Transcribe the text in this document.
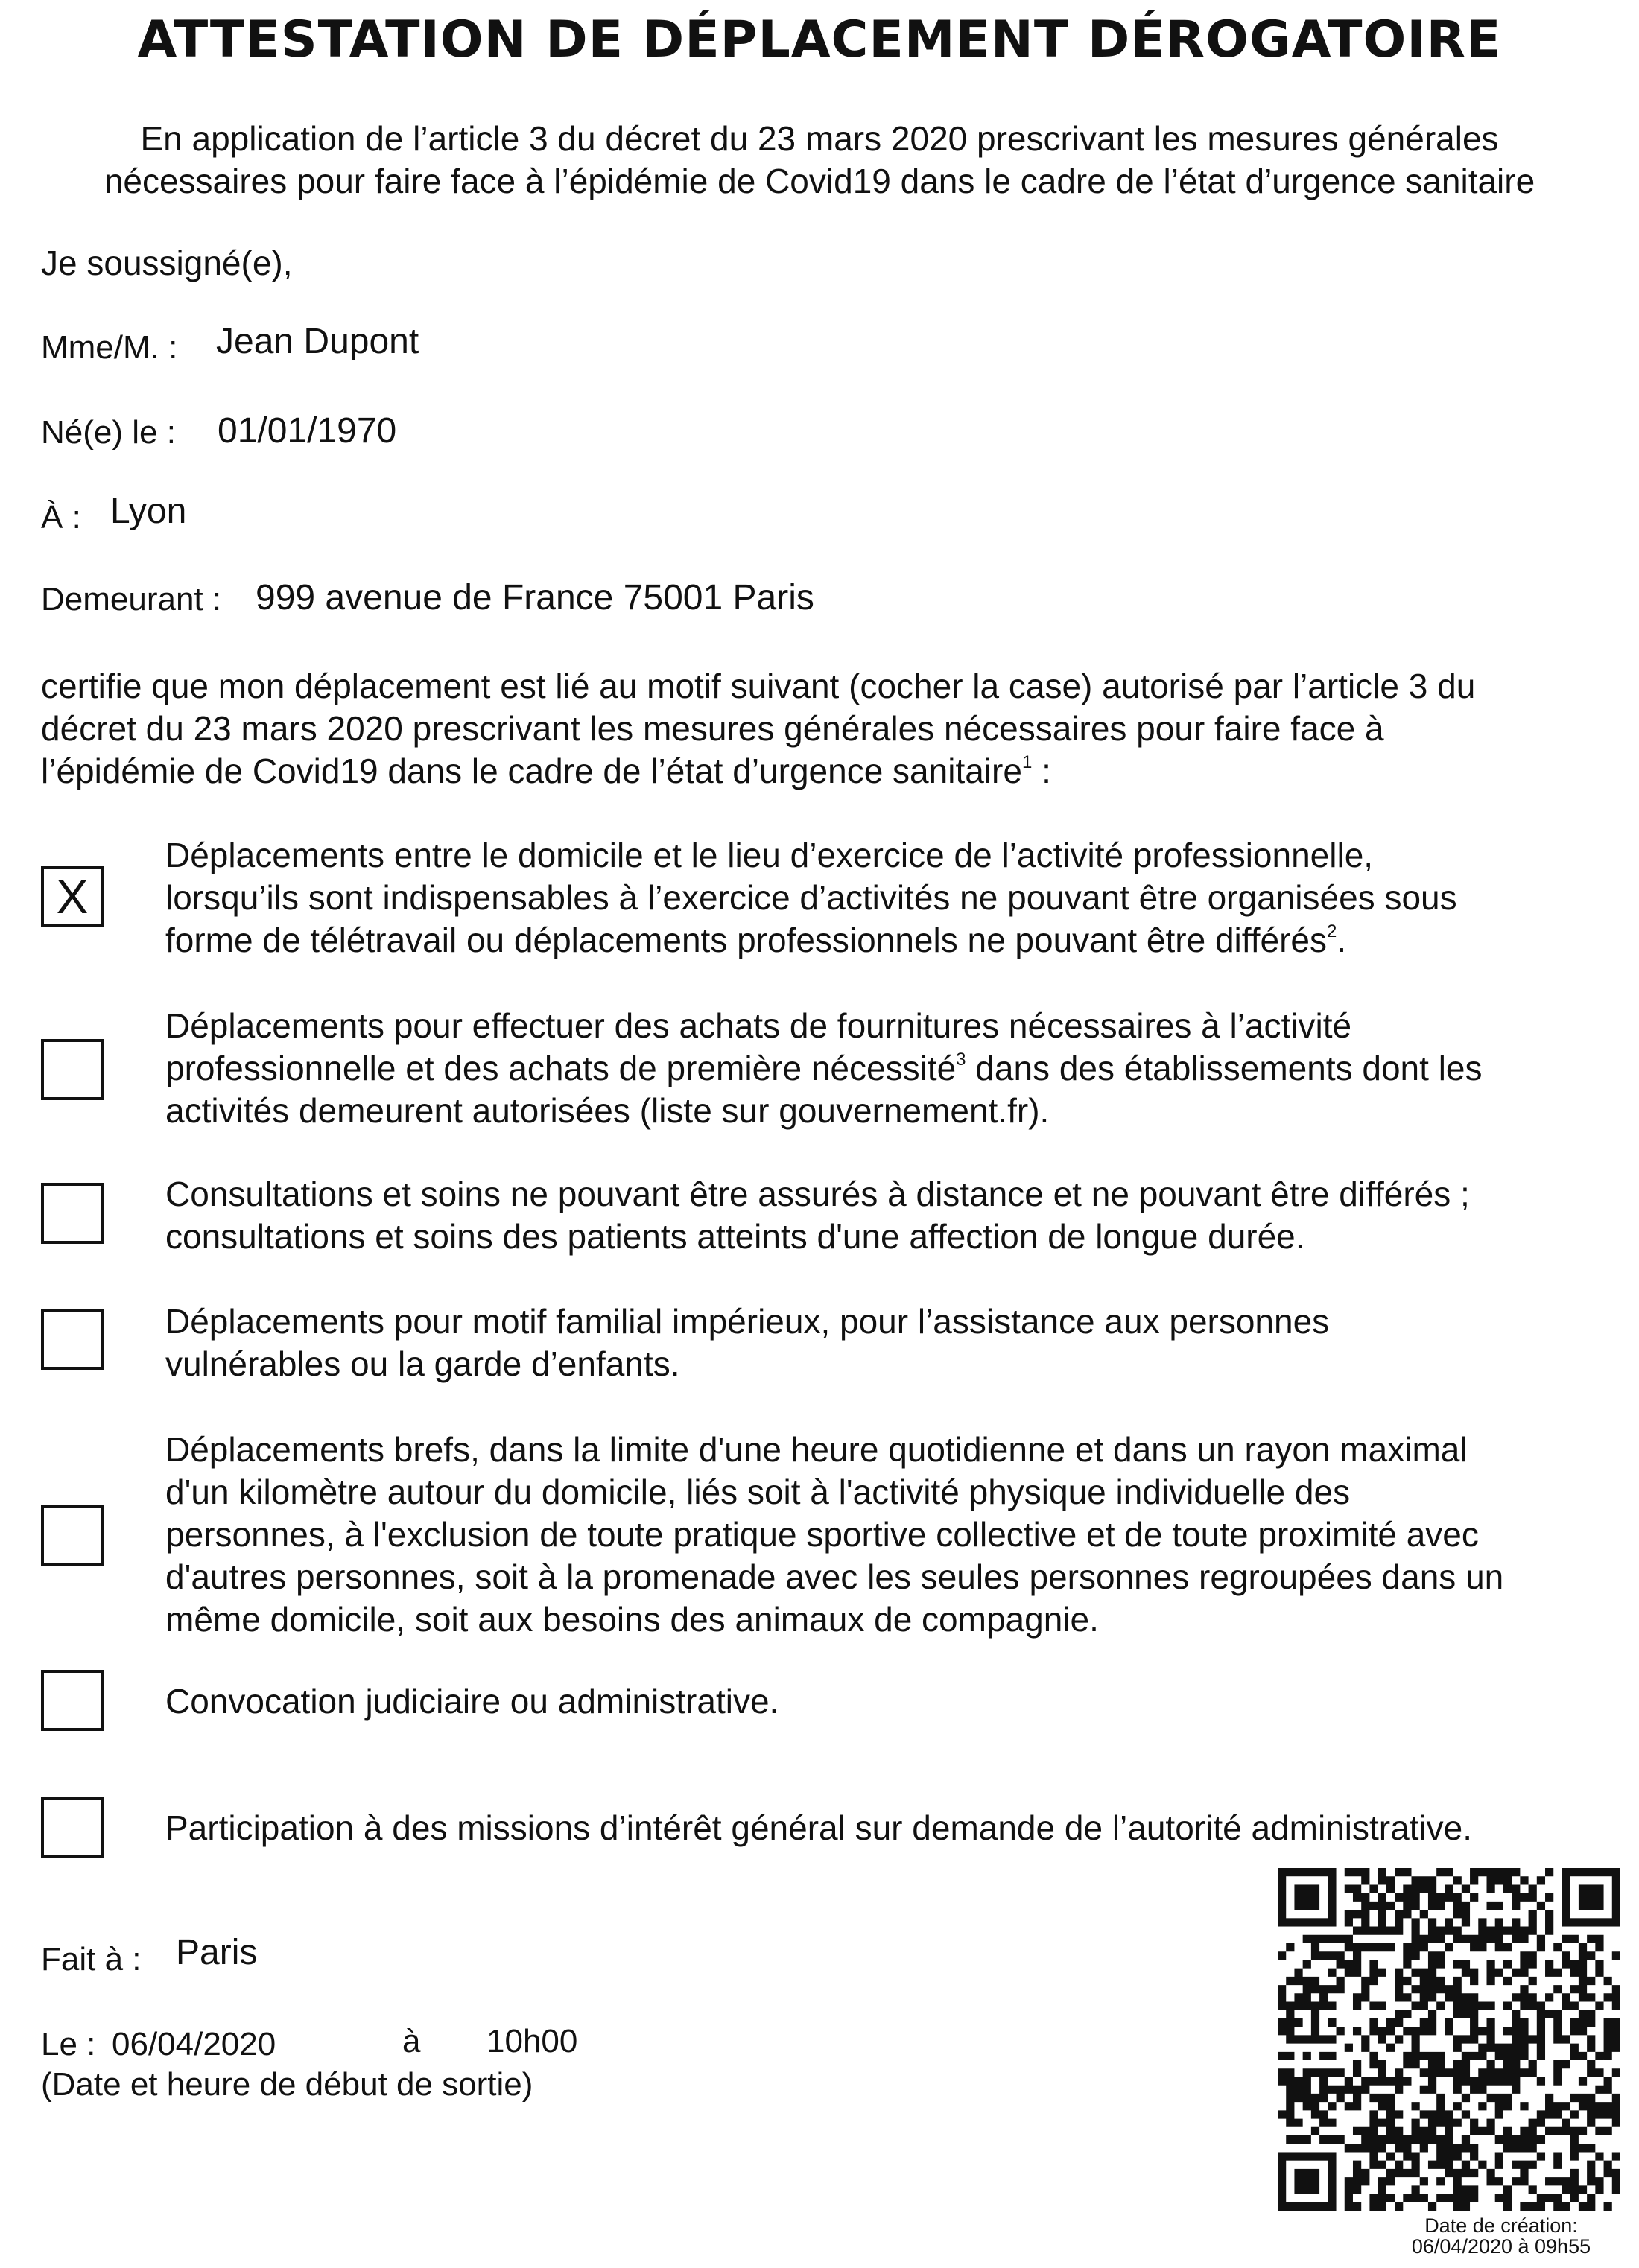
ATTESTATION DE DÉPLACEMENT DÉROGATOIRE
En application de l’article 3 du décret du 23 mars 2020 prescrivant les mesures générales
nécessaires pour faire face à l’épidémie de Covid19 dans le cadre de l’état d’urgence sanitaire
Je soussigné(e),
Mme/M. : Jean Dupont
Né(e) le : 01/01/1970
À : Lyon
Demeurant : 999 avenue de France 75001 Paris
certifie que mon déplacement est lié au motif suivant (cocher la case) autorisé par l’article 3 du
décret du 23 mars 2020 prescrivant les mesures générales nécessaires pour faire face à
l’épidémie de Covid19 dans le cadre de l’état d’urgence sanitaire$^1$ :
X
Déplacements entre le domicile et le lieu d’exercice de l’activité professionnelle,
lorsqu’ils sont indispensables à l’exercice d’activités ne pouvant être organisées sous
forme de télétravail ou déplacements professionnels ne pouvant être différés$^2$.
Déplacements pour effectuer des achats de fournitures nécessaires à l’activité
professionnelle et des achats de première nécessité$^3$ dans des établissements dont les
activités demeurent autorisées (liste sur gouvernement.fr).
Consultations et soins ne pouvant être assurés à distance et ne pouvant être différés ;
consultations et soins des patients atteints d'une affection de longue durée.
Déplacements pour motif familial impérieux, pour l’assistance aux personnes
vulnérables ou la garde d’enfants.
Déplacements brefs, dans la limite d'une heure quotidienne et dans un rayon maximal
d'un kilomètre autour du domicile, liés soit à l'activité physique individuelle des
personnes, à l'exclusion de toute pratique sportive collective et de toute proximité avec
d'autres personnes, soit à la promenade avec les seules personnes regroupées dans un
même domicile, soit aux besoins des animaux de compagnie.
Convocation judiciaire ou administrative.
Participation à des missions d’intérêt général sur demande de l’autorité administrative.
Fait à : Paris
Le : 06/04/2020	à 10h00
(Date et heure de début de sortie)
Date de création:
06/04/2020 à 09h55
